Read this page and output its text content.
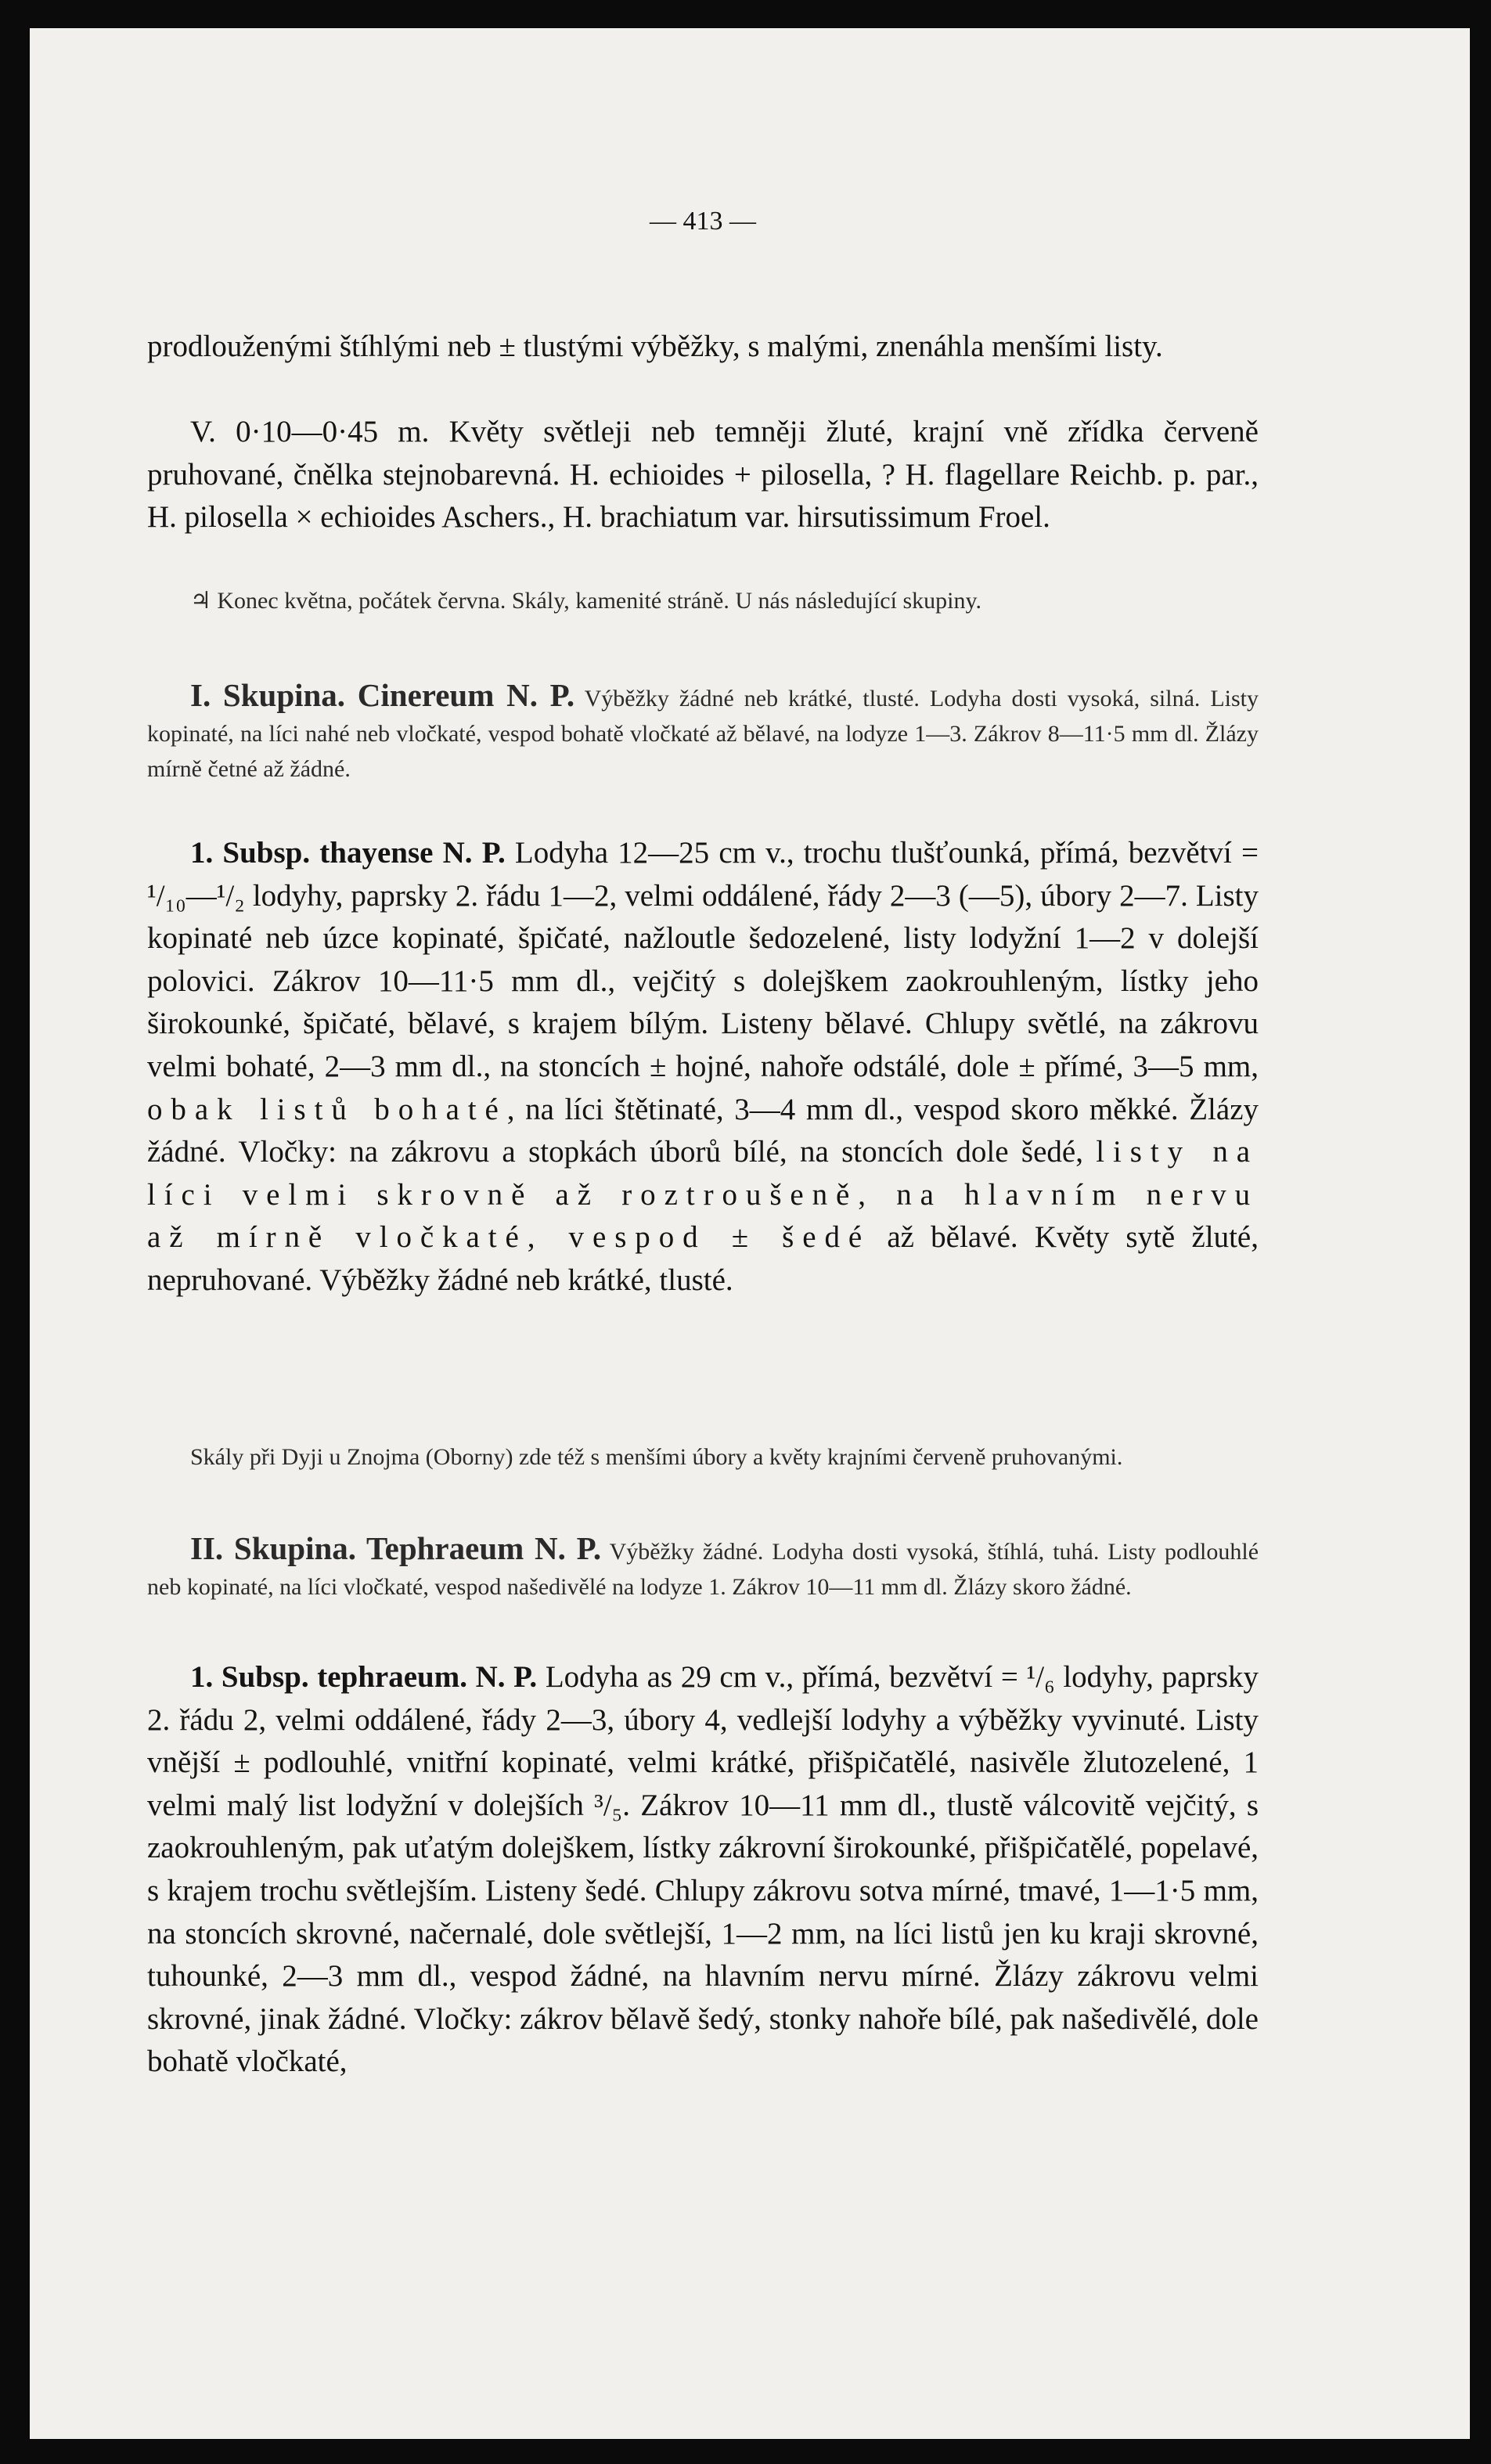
— 413 —

prodlouženými štíhlými neb ± tlustými výběžky, s malými, znenáhla menšími listy.

V. 0·10—0·45 m. Květy světleji neb temněji žluté, krajní vně zřídka červeně pruhované, čnělka stejnobarevná. H. echioides + pilosella, ? H. flagellare Reichb. p. par., H. pilosella × echioides Aschers., H. brachiatum var. hirsutissimum Froel.

♃ Konec května, počátek června. Skály, kamenité stráně. U nás následující skupiny.

I. Skupina. Cinereum N. P. Výběžky žádné neb krátké, tlusté. Lodyha dosti vysoká, silná. Listy kopinaté, na líci nahé neb vločkaté, vespod bohatě vločkaté až bělavé, na lodyze 1—3. Zákrov 8—11·5 mm dl. Žlázy mírně četné až žádné.

1. Subsp. thayense N. P. Lodyha 12—25 cm v., trochu tlušťounká, přímá, bezvětví = ¹/₁₀—¹/₂ lodyhy, paprsky 2. řádu 1—2, velmi oddálené, řády 2—3 (—5), úbory 2—7. Listy kopinaté neb úzce kopinaté, špičaté, nažloutle šedozelené, listy lodyžní 1—2 v dolejší polovici. Zákrov 10—11·5 mm dl., vejčitý s dolejškem zaokrouhleným, lístky jeho širokounké, špičaté, bělavé, s krajem bílým. Listeny bělavé. Chlupy světlé, na zákrovu velmi bohaté, 2—3 mm dl., na stoncích ± hojné, nahoře odstálé, dole ± přímé, 3—5 mm, obak listů bohaté, na líci štětinaté, 3—4 mm dl., vespod skoro měkké. Žlázy žádné. Vločky: na zákrovu a stopkách úborů bílé, na stoncích dole šedé, listy na líci velmi skrovně až roztroušeně, na hlavním nervu až mírně vločkaté, vespod ± šedé až bělavé. Květy sytě žluté, nepruhované. Výběžky žádné neb krátké, tlusté.

Skály při Dyji u Znojma (Oborny) zde též s menšími úbory a květy krajními červeně pruhovanými.

II. Skupina. Tephraeum N. P. Výběžky žádné. Lodyha dosti vysoká, štíhlá, tuhá. Listy podlouhlé neb kopinaté, na líci vločkaté, vespod našedivělé na lodyze 1. Zákrov 10—11 mm dl. Žlázy skoro žádné.

1. Subsp. tephraeum. N. P. Lodyha as 29 cm v., přímá, bezvětví = ¹/₆ lodyhy, paprsky 2. řádu 2, velmi oddálené, řády 2—3, úbory 4, vedlejší lodyhy a výběžky vyvinuté. Listy vnější ± podlouhlé, vnitřní kopinaté, velmi krátké, přišpičatělé, nasivěle žlutozelené, 1 velmi malý list lodyžní v dolejších ³/₅. Zákrov 10—11 mm dl., tlustě válcovitě vejčitý, s zaokrouhleným, pak uťatým dolejškem, lístky zákrovní širokounké, přišpičatělé, popelavé, s krajem trochu světlejším. Listeny šedé. Chlupy zákrovu sotva mírné, tmavé, 1—1·5 mm, na stoncích skrovné, načernalé, dole světlejší, 1—2 mm, na líci listů jen ku kraji skrovné, tuhounké, 2—3 mm dl., vespod žádné, na hlavním nervu mírné. Žlázy zákrovu velmi skrovné, jinak žádné. Vločky: zákrov bělavě šedý, stonky nahoře bílé, pak našedivělé, dole bohatě vločkaté,
